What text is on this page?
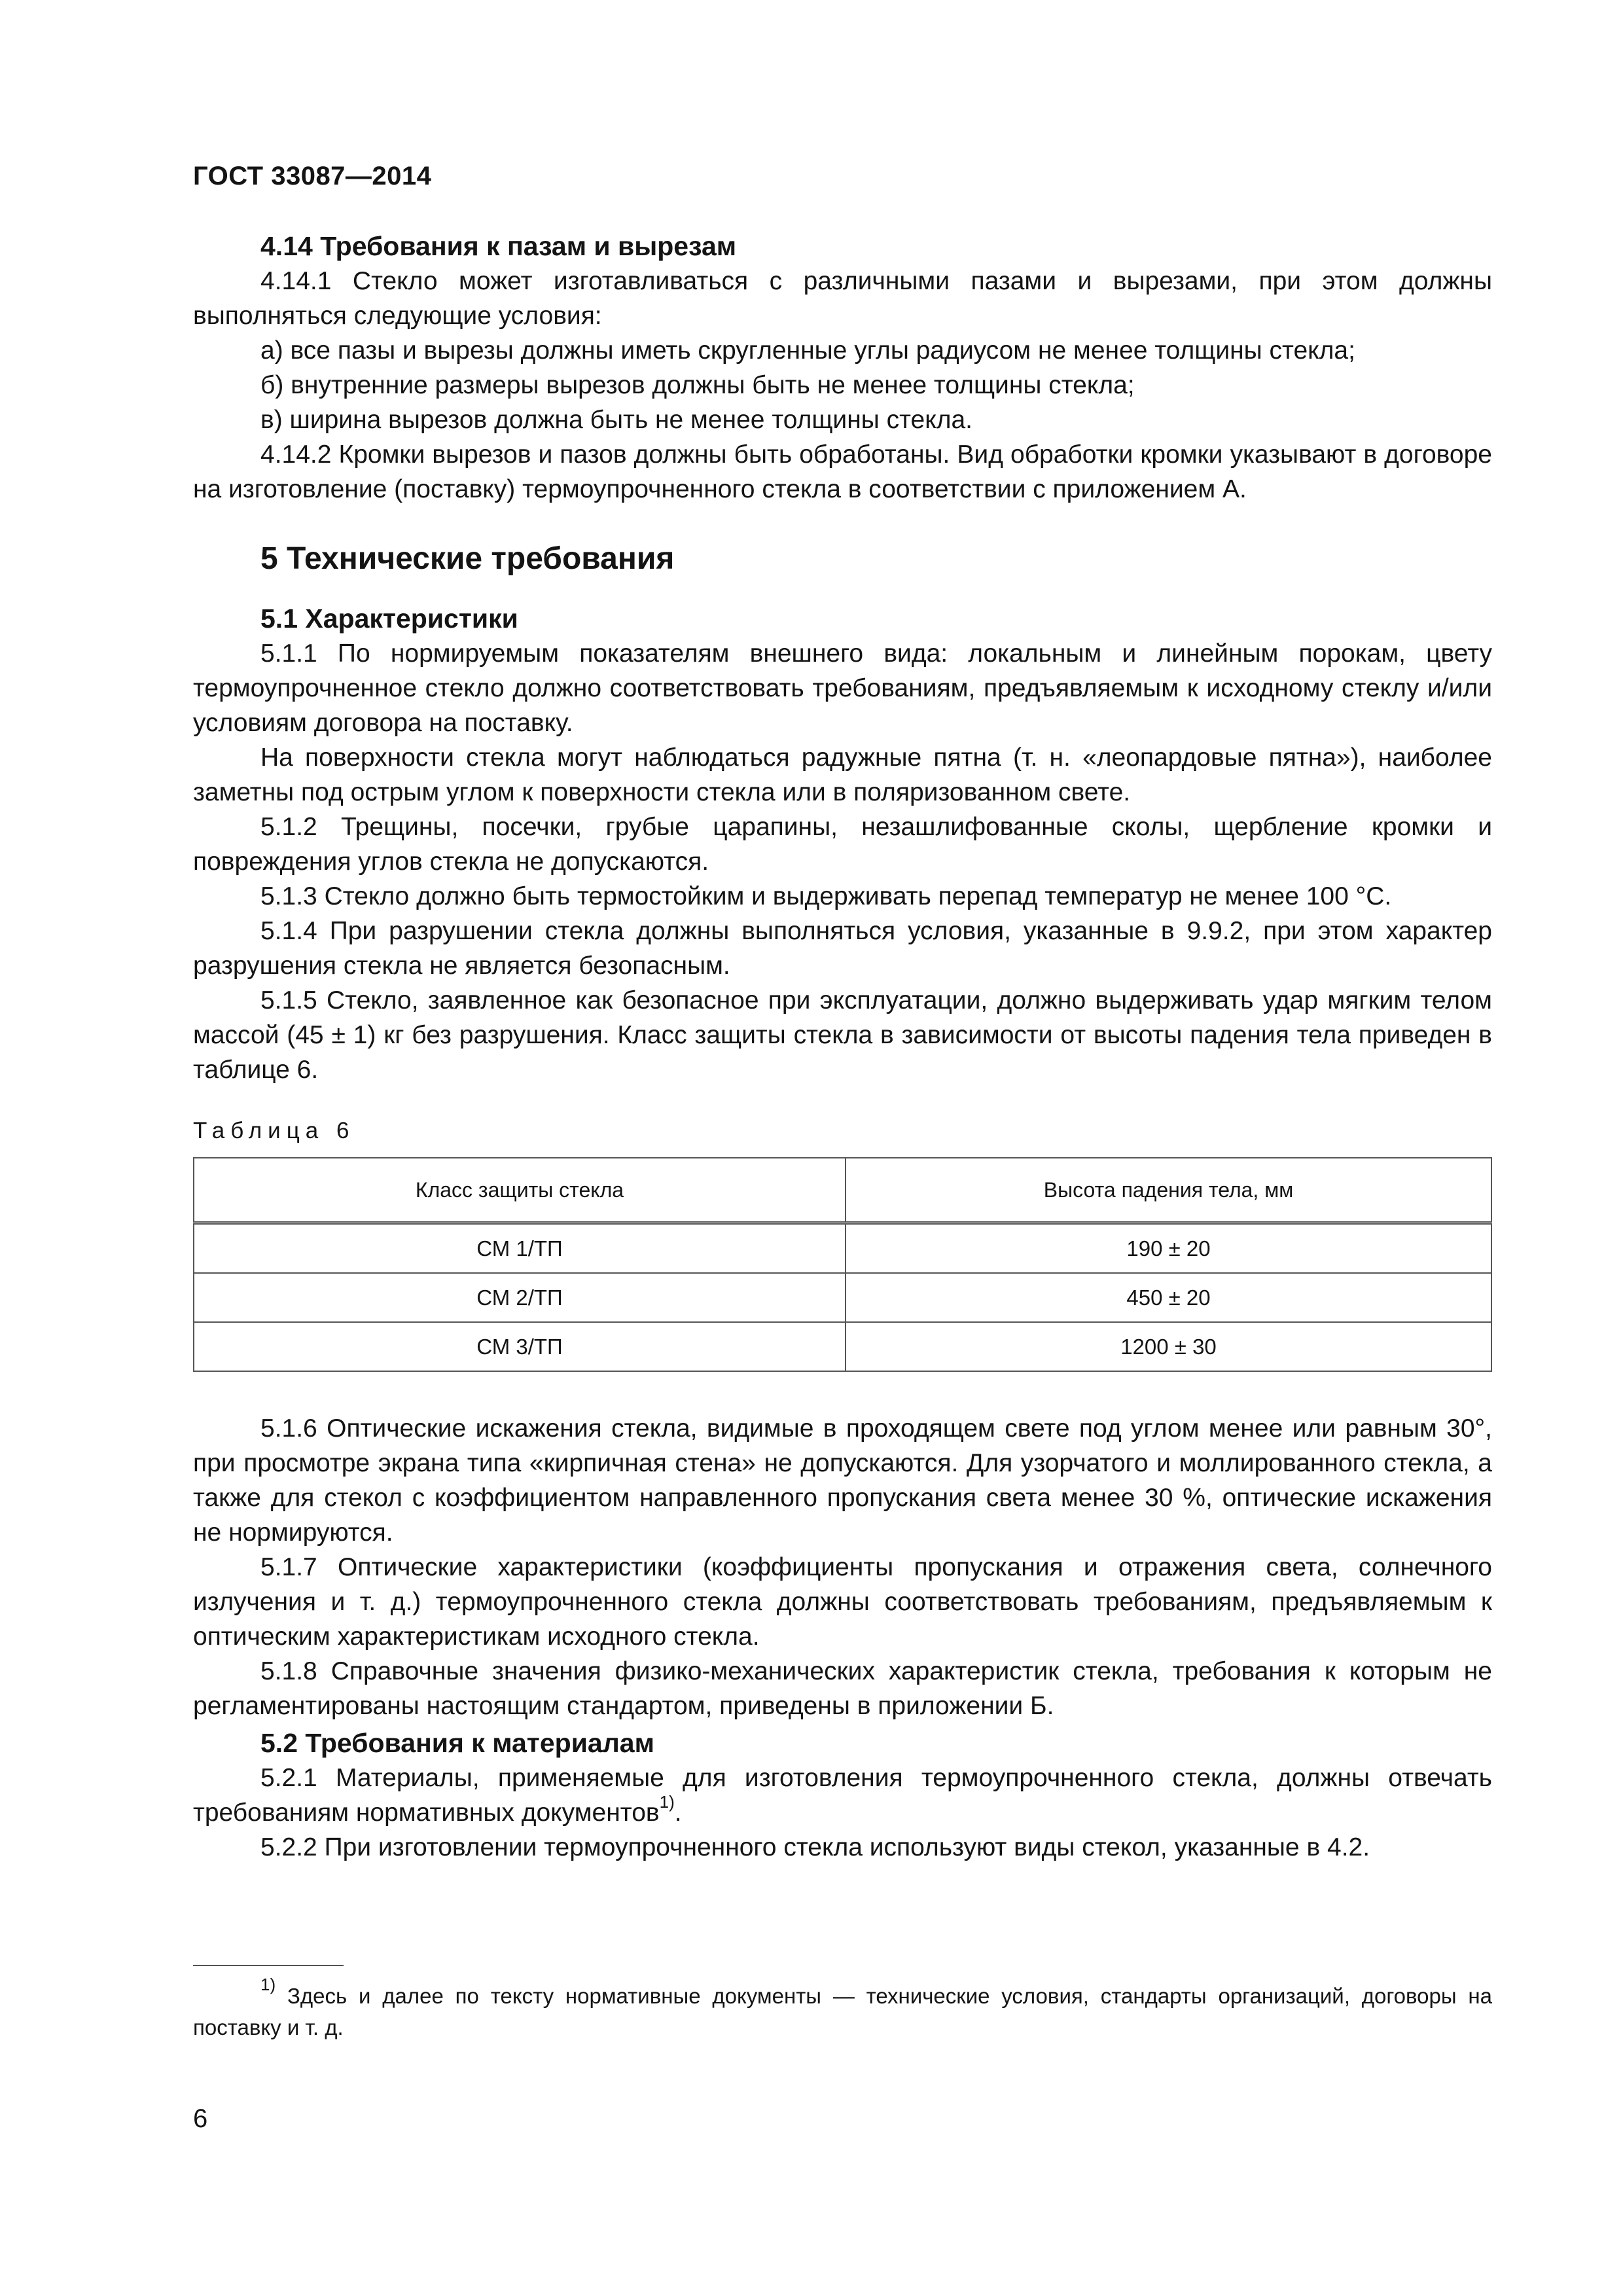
ГОСТ 33087—2014
4.14 Требования к пазам и вырезам

4.14.1 Стекло может изготавливаться с различными пазами и вырезами, при этом должны выполняться следующие условия:

а) все пазы и вырезы должны иметь скругленные углы радиусом не менее толщины стекла;

б) внутренние размеры вырезов должны быть не менее толщины стекла;

в) ширина вырезов должна быть не менее толщины стекла.

4.14.2 Кромки вырезов и пазов должны быть обработаны. Вид обработки кромки указывают в договоре на изготовление (поставку) термоупрочненного стекла в соответствии с приложением А.

5 Технические требования
5.1 Характеристики

5.1.1 По нормируемым показателям внешнего вида: локальным и линейным порокам, цвету термоупрочненное стекло должно соответствовать требованиям, предъявляемым к исходному стеклу и/или условиям договора на поставку.

На поверхности стекла могут наблюдаться радужные пятна (т. н. «леопардовые пятна»), наиболее заметны под острым углом к поверхности стекла или в поляризованном свете.

5.1.2 Трещины, посечки, грубые царапины, незашлифованные сколы, щербление кромки и повреждения углов стекла не допускаются.

5.1.3 Стекло должно быть термостойким и выдерживать перепад температур не менее 100 °С.

5.1.4 При разрушении стекла должны выполняться условия, указанные в 9.9.2, при этом характер разрушения стекла не является безопасным.

5.1.5 Стекло, заявленное как безопасное при эксплуатации, должно выдерживать удар мягким телом массой (45 ± 1) кг без разрушения. Класс защиты стекла в зависимости от высоты падения тела приведен в таблице 6.

Таблица 6
Класс защиты стекла	Высота падения тела, мм
СМ 1/ТП	190 ± 20
СМ 2/ТП	450 ± 20
СМ 3/ТП	1200 ± 30

5.1.6 Оптические искажения стекла, видимые в проходящем свете под углом менее или равным 30°, при просмотре экрана типа «кирпичная стена» не допускаются. Для узорчатого и моллированного стекла, а также для стекол с коэффициентом направленного пропускания света менее 30 %, оптические искажения не нормируются.

5.1.7 Оптические характеристики (коэффициенты пропускания и отражения света, солнечного излучения и т. д.) термоупрочненного стекла должны соответствовать требованиям, предъявляемым к оптическим характеристикам исходного стекла.

5.1.8 Справочные значения физико-механических характеристик стекла, требования к которым не регламентированы настоящим стандартом, приведены в приложении Б.

5.2 Требования к материалам

5.2.1 Материалы, применяемые для изготовления термоупрочненного стекла, должны отвечать требованиям нормативных документов$^{1)}$.

5.2.2 При изготовлении термоупрочненного стекла используют виды стекол, указанные в 4.2.

$^{1)}$ Здесь и далее по тексту нормативные документы — технические условия, стандарты организаций, договоры на поставку и т. д.
6
